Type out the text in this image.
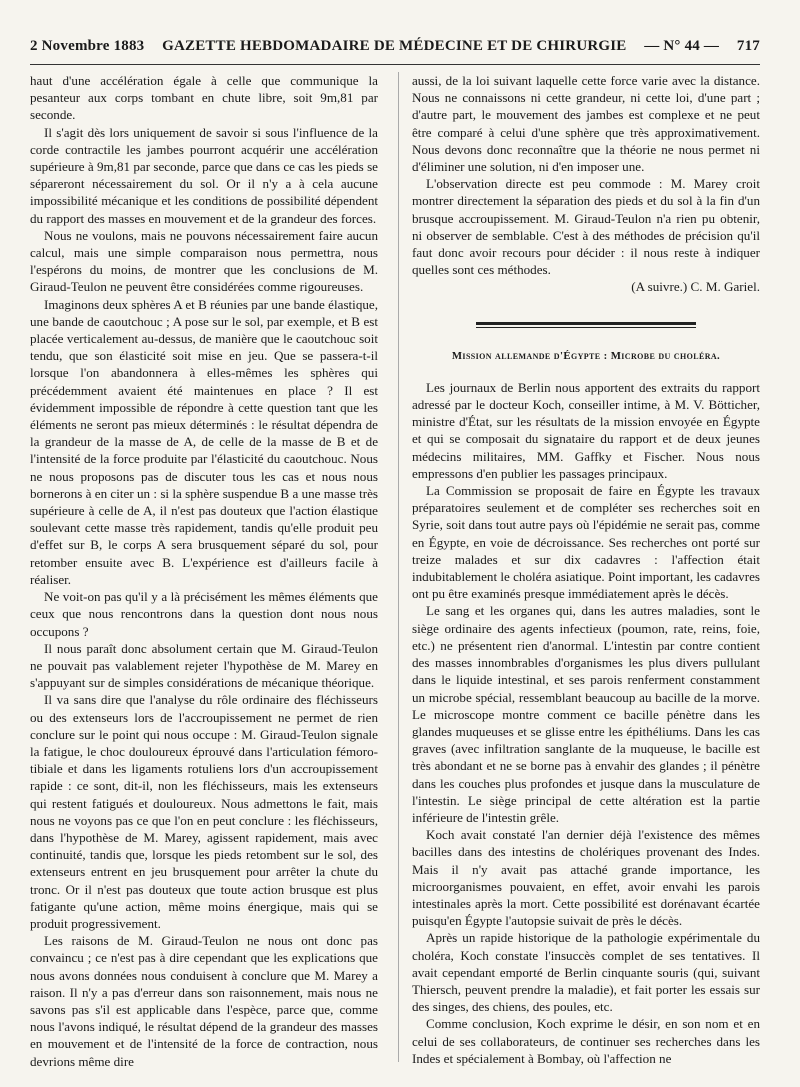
2 Novembre 1883 GAZETTE HEBDOMADAIRE DE MÉDECINE ET DE CHIRURGIE — N° 44 — 717

haut d'une accélération égale à celle que communique la pesanteur aux corps tombant en chute libre, soit 9m,81 par seconde.

Il s'agit dès lors uniquement de savoir si sous l'influence de la corde contractile les jambes pourront acquérir une accélération supérieure à 9m,81 par seconde, parce que dans ce cas les pieds se sépareront nécessairement du sol. Or il n'y a à cela aucune impossibilité mécanique et les conditions de possibilité dépendent du rapport des masses en mouvement et de la grandeur des forces.

Nous ne voulons, mais ne pouvons nécessairement faire aucun calcul, mais une simple comparaison nous permettra, nous l'espérons du moins, de montrer que les conclusions de M. Giraud-Teulon ne peuvent être considérées comme rigoureuses.

Imaginons deux sphères A et B réunies par une bande élastique, une bande de caoutchouc ; A pose sur le sol, par exemple, et B est placée verticalement au-dessus, de manière que le caoutchouc soit tendu, que son élasticité soit mise en jeu. Que se passera-t-il lorsque l'on abandonnera à elles-mêmes les sphères qui précédemment avaient été maintenues en place ? Il est évidemment impossible de répondre à cette question tant que les éléments ne seront pas mieux déterminés : le résultat dépendra de la grandeur de la masse de A, de celle de la masse de B et de l'intensité de la force produite par l'élasticité du caoutchouc. Nous ne nous proposons pas de discuter tous les cas et nous nous bornerons à en citer un : si la sphère suspendue B a une masse très supérieure à celle de A, il n'est pas douteux que l'action élastique soulevant cette masse très rapidement, tandis qu'elle produit peu d'effet sur B, le corps A sera brusquement séparé du sol, pour retomber ensuite avec B. L'expérience est d'ailleurs facile à réaliser.

Ne voit-on pas qu'il y a là précisément les mêmes éléments que ceux que nous rencontrons dans la question dont nous nous occupons ?

Il nous paraît donc absolument certain que M. Giraud-Teulon ne pouvait pas valablement rejeter l'hypothèse de M. Marey en s'appuyant sur de simples considérations de mécanique théorique.

Il va sans dire que l'analyse du rôle ordinaire des fléchisseurs ou des extenseurs lors de l'accroupissement ne permet de rien conclure sur le point qui nous occupe : M. Giraud-Teulon signale la fatigue, le choc douloureux éprouvé dans l'articulation fémoro-tibiale et dans les ligaments rotuliens lors d'un accroupissement rapide : ce sont, dit-il, non les fléchisseurs, mais les extenseurs qui restent fatigués et douloureux. Nous admettons le fait, mais nous ne voyons pas ce que l'on en peut conclure : les fléchisseurs, dans l'hypothèse de M. Marey, agissent rapidement, mais avec continuité, tandis que, lorsque les pieds retombent sur le sol, des extenseurs entrent en jeu brusquement pour arrêter la chute du tronc. Or il n'est pas douteux que toute action brusque est plus fatigante qu'une action, même moins énergique, mais qui se produit progressivement.

Les raisons de M. Giraud-Teulon ne nous ont donc pas convaincu ; ce n'est pas à dire cependant que les explications que nous avons données nous conduisent à conclure que M. Marey a raison. Il n'y a pas d'erreur dans son raisonnement, mais nous ne savons pas s'il est applicable dans l'espèce, parce que, comme nous l'avons indiqué, le résultat dépend de la grandeur des masses en mouvement et de l'intensité de la force de contraction, nous devrions même dire

aussi, de la loi suivant laquelle cette force varie avec la distance. Nous ne connaissons ni cette grandeur, ni cette loi, d'une part ; d'autre part, le mouvement des jambes est complexe et ne peut être comparé à celui d'une sphère que très approximativement. Nous devons donc reconnaître que la théorie ne nous permet ni d'éliminer une solution, ni d'en imposer une.

L'observation directe est peu commode : M. Marey croit montrer directement la séparation des pieds et du sol à la fin d'un brusque accroupissement. M. Giraud-Teulon n'a rien pu obtenir, ni observer de semblable. C'est à des méthodes de précision qu'il faut donc avoir recours pour décider : il nous reste à indiquer quelles sont ces méthodes.

(A suivre.) C. M. Gariel.

Mission allemande d'Égypte : Microbe du choléra.

Les journaux de Berlin nous apportent des extraits du rapport adressé par le docteur Koch, conseiller intime, à M. V. Bötticher, ministre d'État, sur les résultats de la mission envoyée en Égypte et qui se composait du signataire du rapport et de deux jeunes médecins militaires, MM. Gaffky et Fischer. Nous nous empressons d'en publier les passages principaux.

La Commission se proposait de faire en Égypte les travaux préparatoires seulement et de compléter ses recherches soit en Syrie, soit dans tout autre pays où l'épidémie ne serait pas, comme en Égypte, en voie de décroissance. Ses recherches ont porté sur treize malades et sur dix cadavres : l'affection était indubitablement le choléra asiatique. Point important, les cadavres ont pu être examinés presque immédiatement après le décès.

Le sang et les organes qui, dans les autres maladies, sont le siège ordinaire des agents infectieux (poumon, rate, reins, foie, etc.) ne présentent rien d'anormal. L'intestin par contre contient des masses innombrables d'organismes les plus divers pullulant dans le liquide intestinal, et ses parois renferment constamment un microbe spécial, ressemblant beaucoup au bacille de la morve. Le microscope montre comment ce bacille pénètre dans les glandes muqueuses et se glisse entre les épithéliums. Dans les cas graves (avec infiltration sanglante de la muqueuse, le bacille est très abondant et ne se borne pas à envahir des glandes ; il pénètre dans les couches plus profondes et jusque dans la musculature de l'intestin. Le siège principal de cette altération est la partie inférieure de l'intestin grêle.

Koch avait constaté l'an dernier déjà l'existence des mêmes bacilles dans des intestins de cholériques provenant des Indes. Mais il n'y avait pas attaché grande importance, les microorganismes pouvaient, en effet, avoir envahi les parois intestinales après la mort. Cette possibilité est dorénavant écartée puisqu'en Égypte l'autopsie suivait de près le décès.

Après un rapide historique de la pathologie expérimentale du choléra, Koch constate l'insuccès complet de ses tentatives. Il avait cependant emporté de Berlin cinquante souris (qui, suivant Thiersch, peuvent prendre la maladie), et fait porter les essais sur des singes, des chiens, des poules, etc.

Comme conclusion, Koch exprime le désir, en son nom et en celui de ses collaborateurs, de continuer ses recherches dans les Indes et spécialement à Bombay, où l'affection ne
